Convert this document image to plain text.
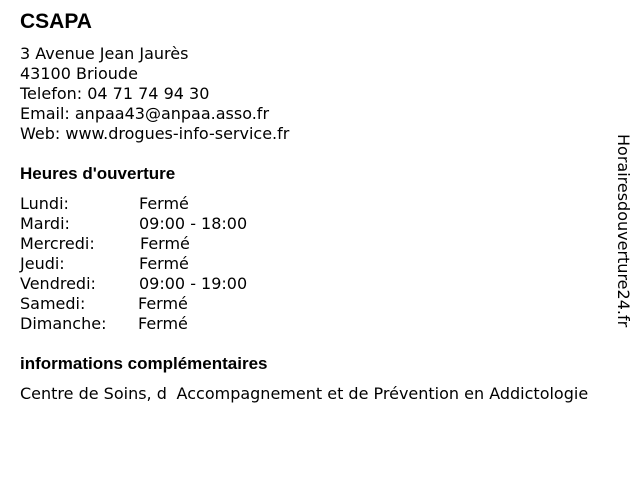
CSAPA
3 Avenue Jean Jaurès
43100 Brioude
Telefon: 04 71 74 94 30
Email: anpaa43@anpaa.asso.fr
Web: www.drogues-info-service.fr
Heures d'ouverture
Lundi:	Fermé
Mardi:	09:00 - 18:00
Mercredi:	Fermé
Jeudi:	Fermé
Vendredi:	09:00 - 19:00
Samedi:	Fermé
Dimanche: Fermé
informations complémentaires
Centre de Soins, dAccompagnement et de Prévention en Addictologie
Horairesdouverture24.fr
